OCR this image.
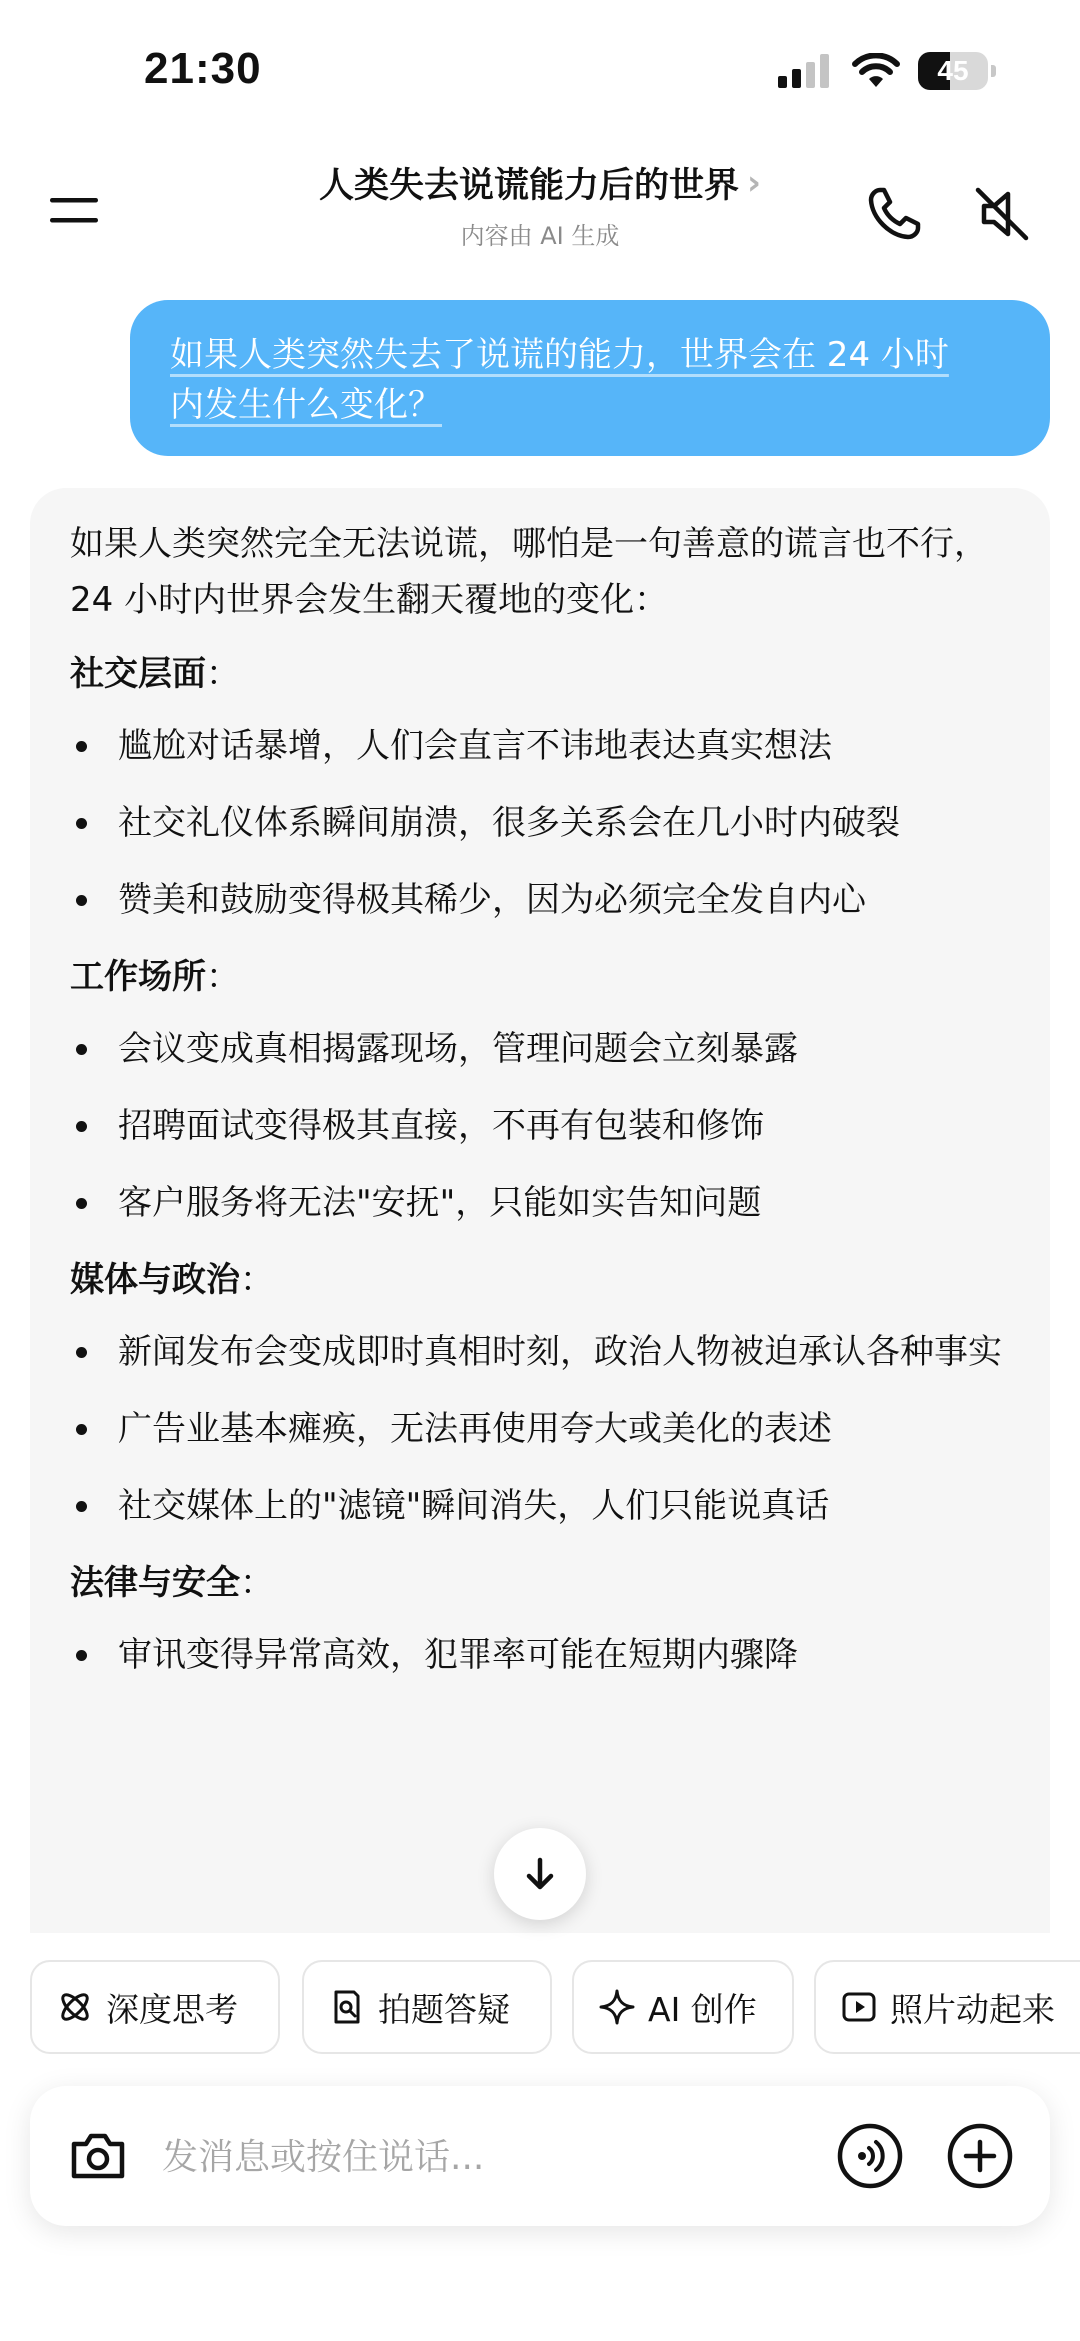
21:30	45
人类失去说谎能力后的世界 ›
内容由 AI 生成
如果人类突然失去了说谎的能力，世界会在 24 小时
内发生什么变化？

如果人类突然完全无法说谎，哪怕是一句善意的谎言也不行，24 小时内世界会发生翻天覆地的变化：

社交层面：
尴尬对话暴增，人们会直言不讳地表达真实想法
社交礼仪体系瞬间崩溃，很多关系会在几小时内破裂
赞美和鼓励变得极其稀少，因为必须完全发自内心
工作场所：
会议变成真相揭露现场，管理问题会立刻暴露
招聘面试变得极其直接，不再有包装和修饰
客户服务将无法"安抚"，只能如实告知问题
媒体与政治：
新闻发布会变成即时真相时刻，政治人物被迫承认各种事实
广告业基本瘫痪，无法再使用夸大或美化的表述
社交媒体上的"滤镜"瞬间消失，人们只能说真话
法律与安全：
审讯变得异常高效，犯罪率可能在短期内骤降
深度思考	拍题答疑	AI 创作	照片动起来
发消息或按住说话...
